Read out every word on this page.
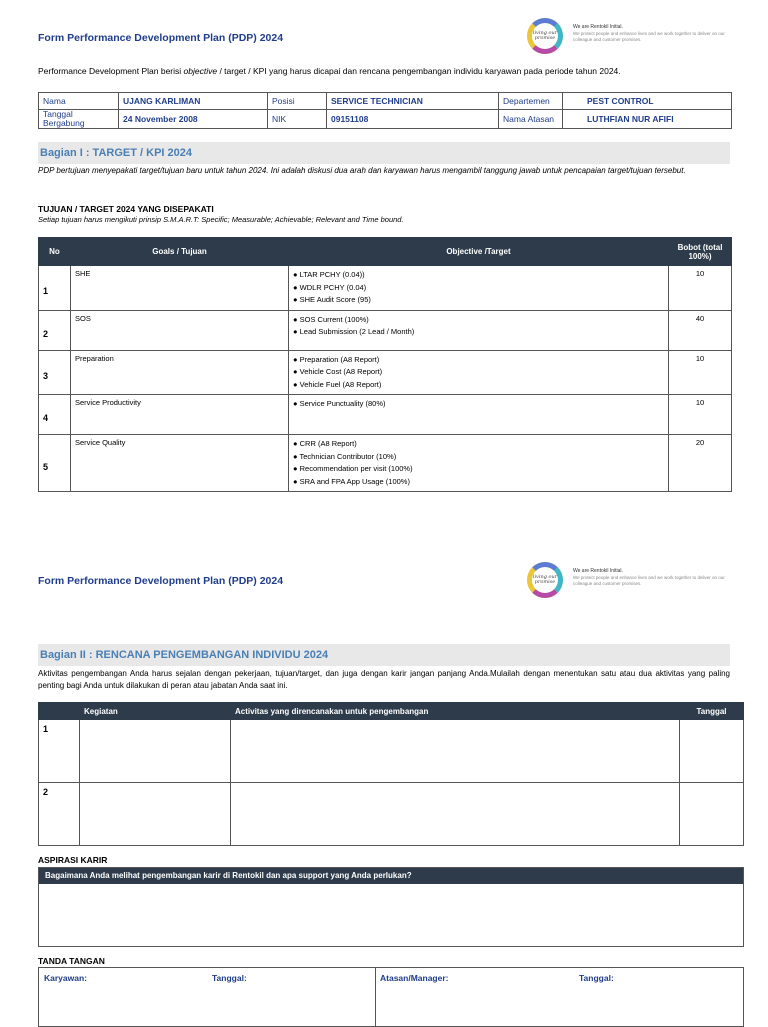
Form Performance Development Plan (PDP) 2024	living our promise
We are Rentokil Initial.
We protect people and enhance lives and we work together to deliver on our colleague and customer promises.
Performance Development Plan berisi objective / target / KPI yang harus dicapai dan rencana pengembangan individu karyawan pada periode tahun 2024.
Nama	UJANG KARLIMAN	Posisi	SERVICE TECHNICIAN	Departemen	PEST CONTROL
Tanggal Bergabung	24 November 2008	NIK	09151108	Nama Atasan	LUTHFIAN NUR AFIFI
Bagian I : TARGET / KPI 2024
PDP bertujuan menyepakati target/tujuan baru untuk tahun 2024. Ini adalah diskusi dua arah dan karyawan harus mengambil tanggung jawab untuk pencapaian target/tujuan tersebut.
TUJUAN / TARGET 2024 YANG DISEPAKATI
Setiap tujuan harus mengikuti prinsip S.M.A.R.T: Specific; Measurable; Achievable; Relevant and Time bound.
No	Goals / Tujuan	Objective /Target	Bobot (total 100%)
1	SHE	● LTAR PCHY (0.04))
● WDLR PCHY (0.04)
● SHE Audit Score (95)	10
2	SOS	● SOS Current (100%)
● Lead Submission (2 Lead / Month)	40
3	Preparation	● Preparation (A8 Report)
● Vehicle Cost (A8 Report)
● Vehicle Fuel (A8 Report)	10
4	Service Productivity	● Service Punctuality (80%)	10
5	Service Quality	● CRR (A8 Report)
● Technician Contributor (10%)
● Recommendation per visit (100%)
● SRA and FPA App Usage (100%)	20
Form Performance Development Plan (PDP) 2024	living our promise
We are Rentokil Initial.
We protect people and enhance lives and we work together to deliver on our colleague and customer promises.
Bagian II : RENCANA PENGEMBANGAN INDIVIDU 2024
Aktivitas pengembangan Anda harus sejalan dengan pekerjaan, tujuan/target, dan juga dengan karir jangan panjang Anda.Mulailah dengan menentukan satu atau dua aktivitas yang paling penting bagi Anda untuk dilakukan di peran atau jabatan Anda saat ini.
	Kegiatan	Activitas yang direncanakan untuk pengembangan	Tanggal
1			
2			
ASPIRASI KARIR
Bagaimana Anda melihat pengembangan karir di Rentokil dan apa support yang Anda perlukan?
TANDA TANGAN
Karyawan:	Tanggal:	Atasan/Manager:	Tanggal:
